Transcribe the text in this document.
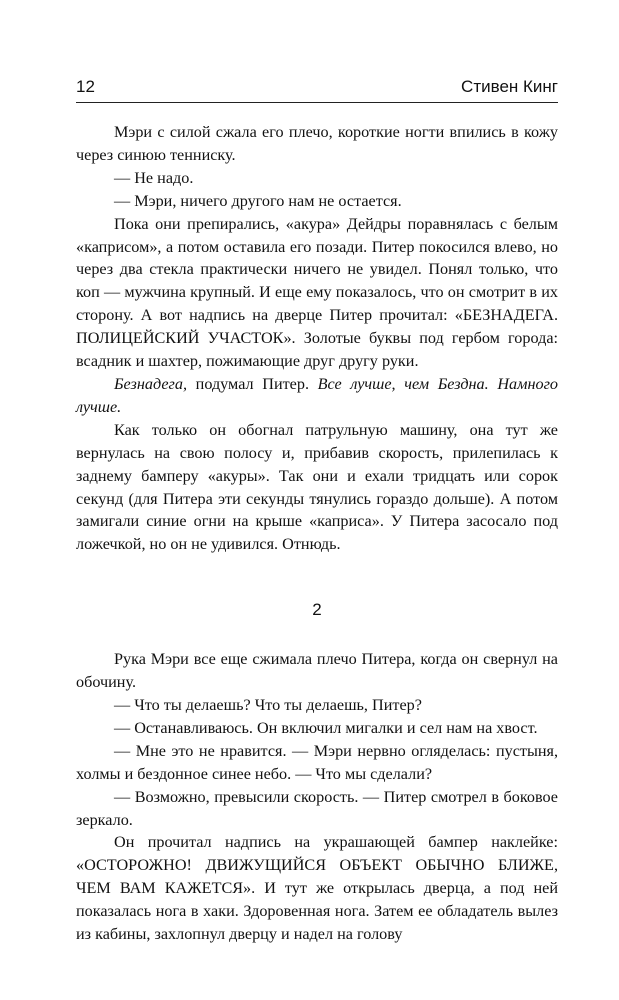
12	Стивен Кинг

Мэри с силой сжала его плечо, короткие ногти впились в кожу через синюю тенниску.

— Не надо.

— Мэри, ничего другого нам не остается.

Пока они препирались, «акура» Дейдры поравнялась с белым «каприсом», а потом оставила его позади. Питер покосился влево, но через два стекла практически ничего не увидел. Понял только, что коп — мужчина крупный. И еще ему показалось, что он смотрит в их сторону. А вот надпись на дверце Питер прочитал: «БЕЗНАДЕГА. ПОЛИЦЕЙСКИЙ УЧАСТОК». Золотые буквы под гербом города: всадник и шахтер, пожимающие друг другу руки.

Безнадега, подумал Питер. Все лучше, чем Бездна. Намного лучше.

Как только он обогнал патрульную машину, она тут же вернулась на свою полосу и, прибавив скорость, прилепилась к заднему бамперу «акуры». Так они и ехали тридцать или сорок секунд (для Питера эти секунды тянулись гораздо дольше). А потом замигали синие огни на крыше «каприса». У Питера засосало под ложечкой, но он не удивился. Отнюдь.

2

Рука Мэри все еще сжимала плечо Питера, когда он свернул на обочину.

— Что ты делаешь? Что ты делаешь, Питер?

— Останавливаюсь. Он включил мигалки и сел нам на хвост.

— Мне это не нравится. — Мэри нервно огляделась: пустыня, холмы и бездонное синее небо. — Что мы сделали?

— Возможно, превысили скорость. — Питер смотрел в боковое зеркало.

Он прочитал надпись на украшающей бампер наклейке: «ОСТОРОЖНО! ДВИЖУЩИЙСЯ ОБЪЕКТ ОБЫЧНО БЛИЖЕ, ЧЕМ ВАМ КАЖЕТСЯ». И тут же открылась дверца, а под ней показалась нога в хаки. Здоровенная нога. Затем ее обладатель вылез из кабины, захлопнул дверцу и надел на голову
